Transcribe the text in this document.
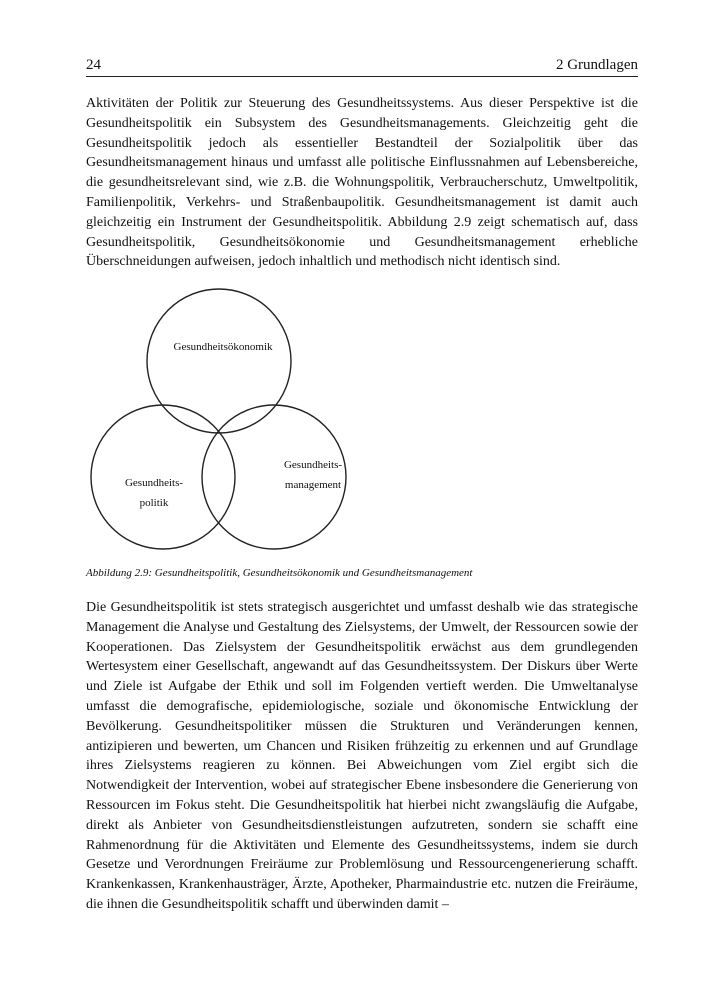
24	2 Grundlagen

Aktivitäten der Politik zur Steuerung des Gesundheitssystems. Aus dieser Perspektive ist die Gesundheitspolitik ein Subsystem des Gesundheitsmanagements. Gleichzeitig geht die Gesundheitspolitik jedoch als essentieller Bestandteil der Sozialpolitik über das Gesundheitsmanagement hinaus und umfasst alle politische Einflussnahmen auf Lebensbereiche, die gesundheitsrelevant sind, wie z.B. die Wohnungspolitik, Verbraucherschutz, Umweltpolitik, Familienpolitik, Verkehrs- und Straßenbaupolitik. Gesundheitsmanagement ist damit auch gleichzeitig ein Instrument der Gesundheitspolitik. Abbildung 2.9 zeigt schematisch auf, dass Gesundheitspolitik, Gesundheitsökonomie und Gesundheitsmanagement erhebliche Überschneidungen aufweisen, jedoch inhaltlich und methodisch nicht identisch sind.

Gesundheitsökonomik
Gesundheits-
politik
Gesundheits-
management
Abbildung 2.9: Gesundheitspolitik, Gesundheitsökonomik und Gesundheitsmanagement

Die Gesundheitspolitik ist stets strategisch ausgerichtet und umfasst deshalb wie das strategische Management die Analyse und Gestaltung des Zielsystems, der Umwelt, der Ressourcen sowie der Kooperationen. Das Zielsystem der Gesundheitspolitik erwächst aus dem grundlegenden Wertesystem einer Gesellschaft, angewandt auf das Gesundheitssystem. Der Diskurs über Werte und Ziele ist Aufgabe der Ethik und soll im Folgenden vertieft werden. Die Umweltanalyse umfasst die demografische, epidemiologische, soziale und ökonomische Entwicklung der Bevölkerung. Gesundheitspolitiker müssen die Strukturen und Veränderungen kennen, antizipieren und bewerten, um Chancen und Risiken frühzeitig zu erkennen und auf Grundlage ihres Zielsystems reagieren zu können. Bei Abweichungen vom Ziel ergibt sich die Notwendigkeit der Intervention, wobei auf strategischer Ebene insbesondere die Generierung von Ressourcen im Fokus steht. Die Gesundheitspolitik hat hierbei nicht zwangsläufig die Aufgabe, direkt als Anbieter von Gesundheitsdienstleistungen aufzutreten, sondern sie schafft eine Rahmenordnung für die Aktivitäten und Elemente des Gesundheitssystems, indem sie durch Gesetze und Verordnungen Freiräume zur Problemlösung und Ressourcengenerierung schafft. Krankenkassen, Krankenhausträger, Ärzte, Apotheker, Pharmaindustrie etc. nutzen die Freiräume, die ihnen die Gesundheitspolitik schafft und überwinden damit –
